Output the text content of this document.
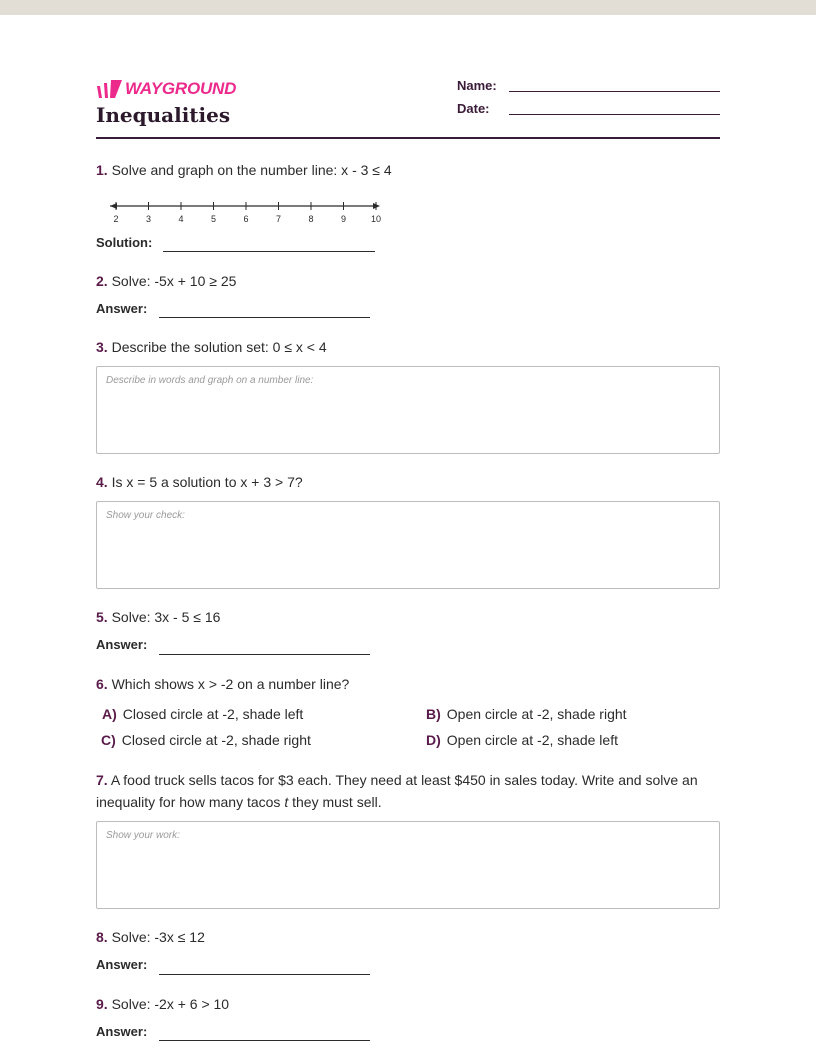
WAYGROUND
Inequalities
Name:
Date:
1. Solve and graph on the number line: x - 3 ≤ 4
2	3	4	5	6	7	8	9	10
Solution:
2. Solve: -5x + 10 ≥ 25
Answer:
3. Describe the solution set: 0 ≤ x < 4
Describe in words and graph on a number line:
4. Is x = 5 a solution to x + 3 > 7?
Show your check:
5. Solve: 3x - 5 ≤ 16
Answer:
6. Which shows x > -2 on a number line?
A) Closed circle at -2, shade left	B) Open circle at -2, shade right
C) Closed circle at -2, shade right	D) Open circle at -2, shade left
7. A food truck sells tacos for $3 each. They need at least $450 in sales today. Write and solve an inequality for how many tacos t they must sell.
Show your work:
8. Solve: -3x ≤ 12
Answer:
9. Solve: -2x + 6 > 10
Answer:
